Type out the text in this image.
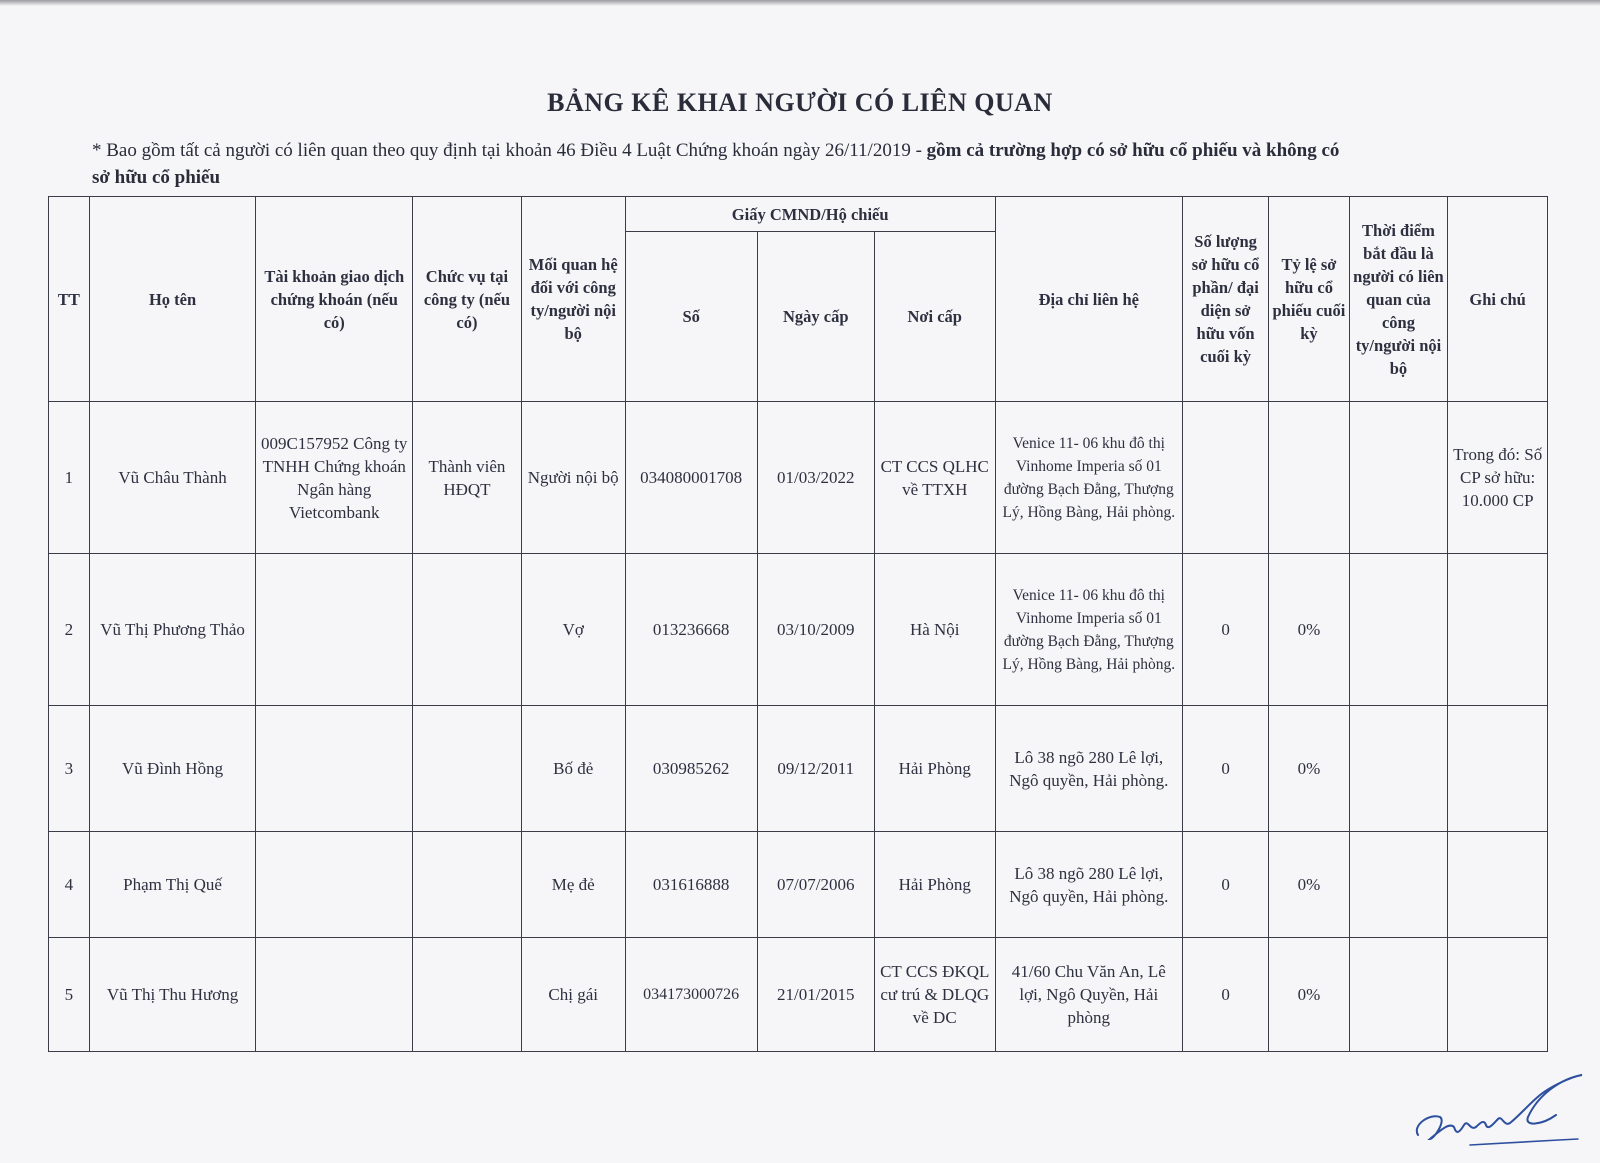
BẢNG KÊ KHAI NGƯỜI CÓ LIÊN QUAN
* Bao gồm tất cả người có liên quan theo quy định tại khoản 46 Điều 4 Luật Chứng khoán ngày 26/11/2019 - gồm cả trường hợp có sở hữu cổ phiếu và không có sở hữu cổ phiếu
TT	Họ tên	Tài khoản giao dịch chứng khoán (nếu có)	Chức vụ tại công ty (nếu có)	Mối quan hệ đối với công ty/người nội bộ	Giấy CMND/Hộ chiếu			Địa chỉ liên hệ	Số lượng sở hữu cổ phần/ đại diện sở hữu vốn cuối kỳ	Tỷ lệ sở hữu cổ phiếu cuối kỳ	Thời điểm bắt đầu là người có liên quan của công ty/người nội bộ	Ghi chú
					Số	Ngày cấp	Nơi cấp					
1	Vũ Châu Thành	009C157952 Công ty TNHH Chứng khoán Ngân hàng Vietcombank	Thành viên HĐQT	Người nội bộ	034080001708	01/03/2022	CT CCS QLHC về TTXH	Venice 11- 06 khu đô thị Vinhome Imperia số 01 đường Bạch Đằng, Thượng Lý, Hồng Bàng, Hải phòng.				Trong đó: Số CP sở hữu: 10.000 CP
2	Vũ Thị Phương Thảo			Vợ	013236668	03/10/2009	Hà Nội	Venice 11- 06 khu đô thị Vinhome Imperia số 01 đường Bạch Đằng, Thượng Lý, Hồng Bàng, Hải phòng.	0	0%		
3	Vũ Đình Hồng			Bố đẻ	030985262	09/12/2011	Hải Phòng	Lô 38 ngõ 280 Lê lợi, Ngô quyền, Hải phòng.	0	0%		
4	Phạm Thị Quế			Mẹ đẻ	031616888	07/07/2006	Hải Phòng	Lô 38 ngõ 280 Lê lợi, Ngô quyền, Hải phòng.	0	0%		
5	Vũ Thị Thu Hương			Chị gái	034173000726	21/01/2015	CT CCS ĐKQL cư trú & DLQG về DC	41/60 Chu Văn An, Lê lợi, Ngô Quyền, Hải phòng	0	0%		
